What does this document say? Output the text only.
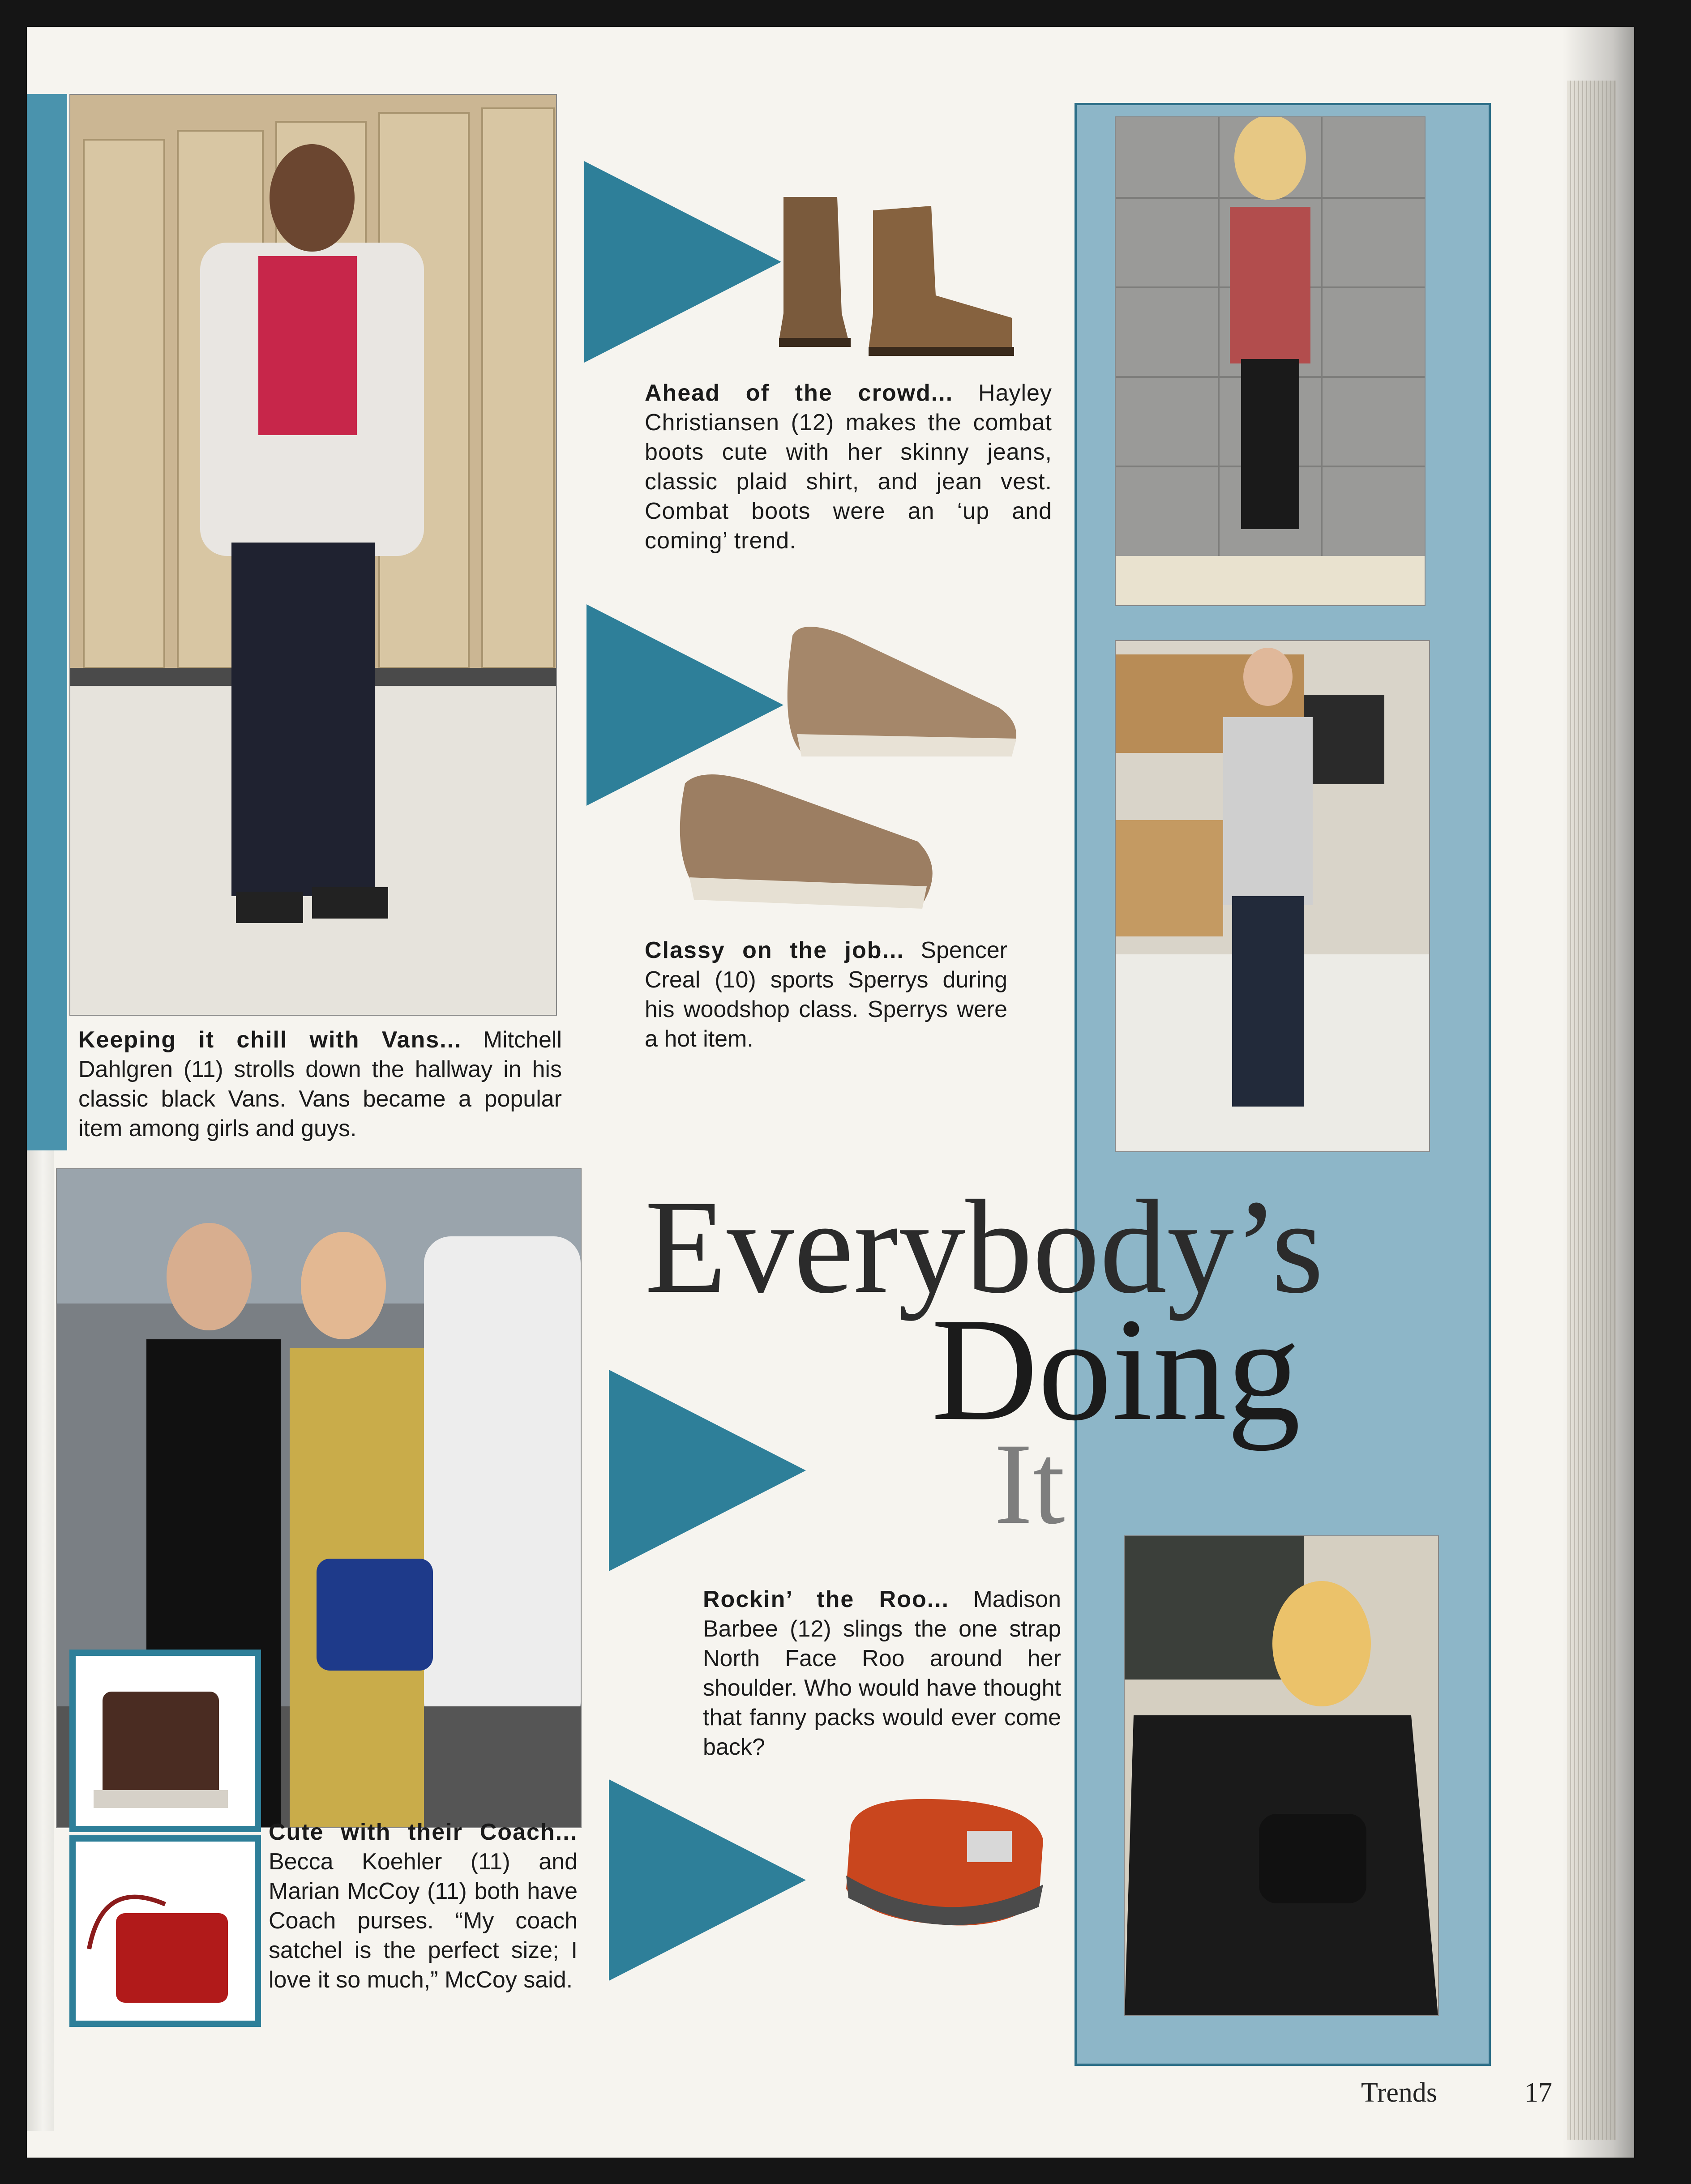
Keeping it chill with Vans... Mitchell Dahlgren (11) strolls down the hallway in his classic black Vans. Vans became a popular item among girls and guys.
Ahead of the crowd... Hayley Christiansen (12) makes the combat boots cute with her skinny jeans, classic plaid shirt, and jean vest. Combat boots were an ‘up and coming’ trend.
Classy on the job... Spencer Creal (10) sports Sperrys during his woodshop class. Sperrys were a hot item.
Cute with their Coach... Becca Koehler (11) and Marian McCoy (11) both have Coach purses. “My coach satchel is the perfect size; I love it so much,” McCoy said.
Rockin’ the Roo... Madison Barbee (12) slings the one strap North Face Roo around her shoulder. Who would have thought that fanny packs would ever come back?
Everybody’s
Doing
It
Trends	17
